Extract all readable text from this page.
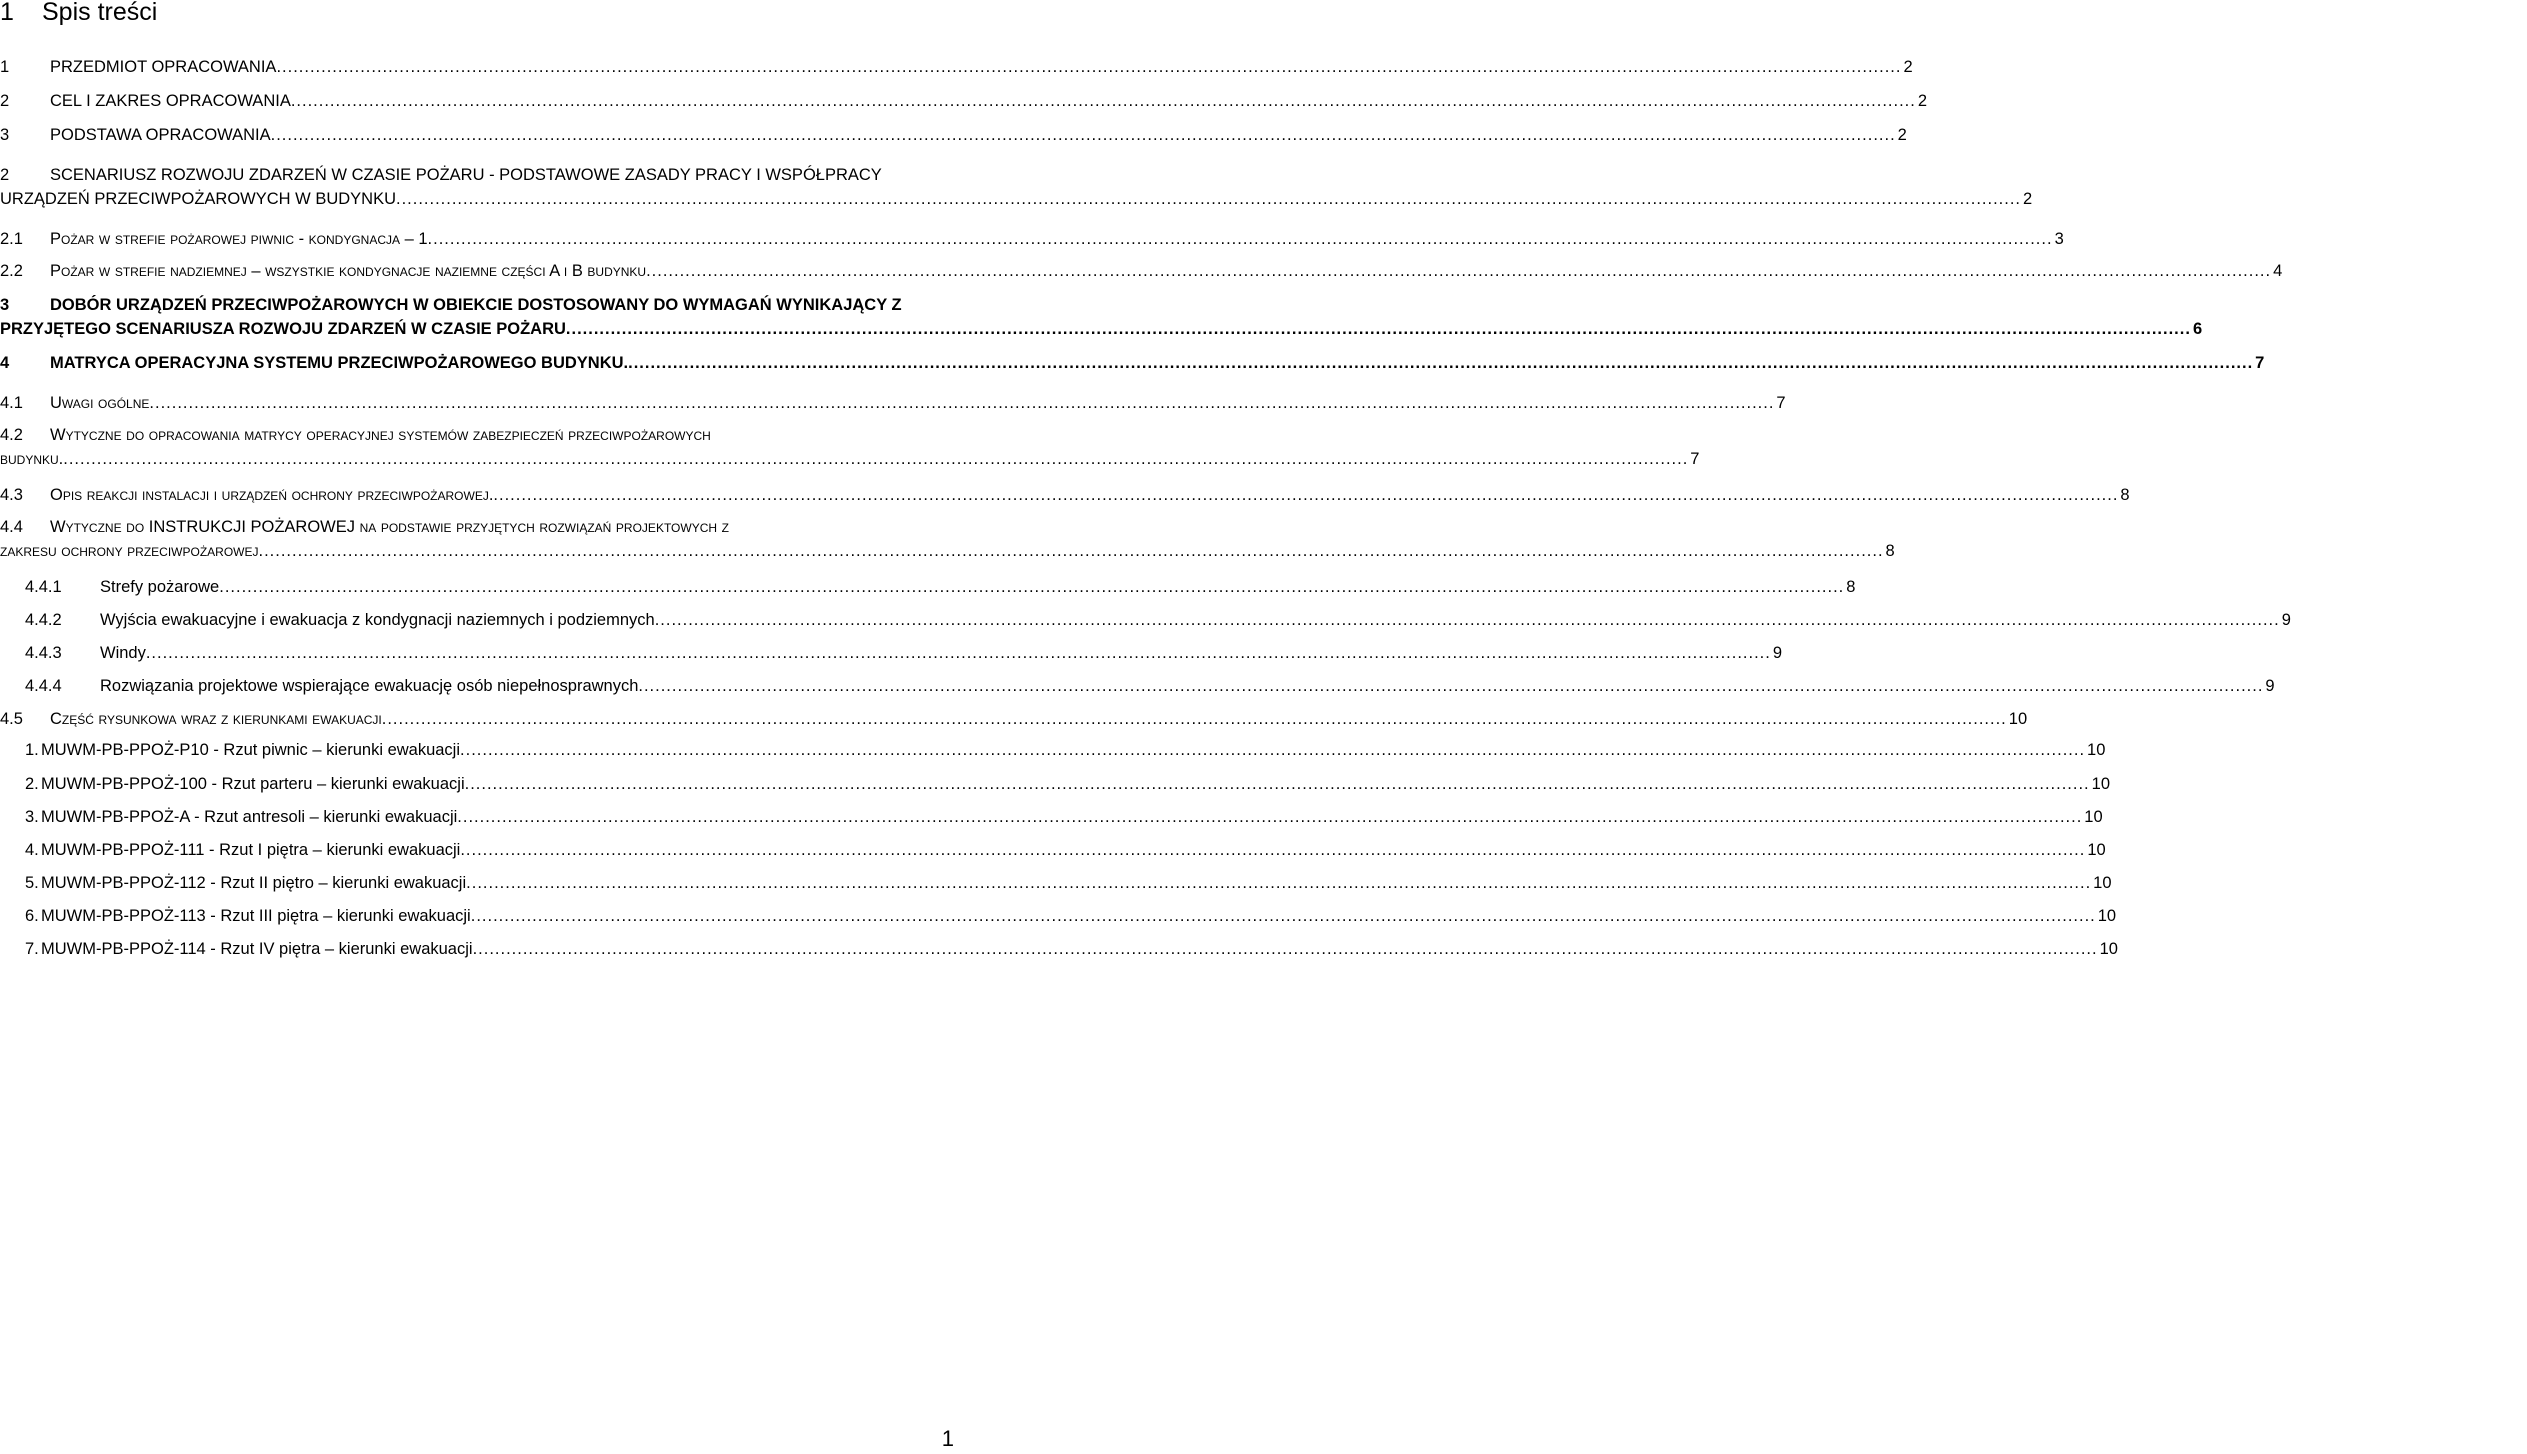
1 Spis treści
1	PRZEDMIOT OPRACOWANIA .....	2
2	CEL I ZAKRES OPRACOWANIA .....	2
3	PODSTAWA OPRACOWANIA .....	2
2	SCENARIUSZ ROZWOJU ZDARZEŃ W CZASIE POŻARU - PODSTAWOWE ZASADY PRACY I WSPÓŁPRACY
URZĄDZEŃ PRZECIWPOŻAROWYCH W BUDYNKU .....	2
2.1	Pożar w strefie pożarowej piwnic - kondygnacja – 1 .....	3
2.2	Pożar w strefie nadziemnej – wszystkie kondygnacje naziemne części A i B budynku .....	4
3	DOBÓR URZĄDZEŃ PRZECIWPOŻAROWYCH W OBIEKCIE DOSTOSOWANY DO WYMAGAŃ WYNIKAJĄCY Z
PRZYJĘTEGO SCENARIUSZA ROZWOJU ZDARZEŃ W CZASIE POŻARU .....	6
4	MATRYCA OPERACYJNA SYSTEMU PRZECIWPOŻAROWEGO BUDYNKU. .....	7
4.1	Uwagi ogólne .....	7
4.2	Wytyczne do opracowania matrycy operacyjnej systemów zabezpieczeń przeciwpożarowych
budynku. .....	7
4.3	Opis reakcji instalacji i urządzeń ochrony przeciwpożarowej. .....	8
4.4	Wytyczne do INSTRUKCJI POŻAROWEJ na podstawie przyjętych rozwiązań projektowych z
zakresu ochrony przeciwpożarowej .....	8
4.4.1	Strefy pożarowe .....	8
4.4.2	Wyjścia ewakuacyjne i ewakuacja z kondygnacji naziemnych i podziemnych .....	9
4.4.3	Windy .....	9
4.4.4	Rozwiązania projektowe wspierające ewakuację osób niepełnosprawnych .....	9
4.5	Część rysunkowa wraz z kierunkami ewakuacji .....	10
1. MUWM-PB-PPOŻ-P10 - Rzut piwnic – kierunki ewakuacji .....	10
2. MUWM-PB-PPOŻ-100 - Rzut parteru – kierunki ewakuacji .....	10
3. MUWM-PB-PPOŻ-A - Rzut antresoli – kierunki ewakuacji .....	10
4. MUWM-PB-PPOŻ-111 - Rzut I piętra – kierunki ewakuacji .....	10
5. MUWM-PB-PPOŻ-112 - Rzut II piętro – kierunki ewakuacji .....	10
6. MUWM-PB-PPOŻ-113 - Rzut III piętra – kierunki ewakuacji .....	10
7. MUWM-PB-PPOŻ-114 - Rzut IV piętra – kierunki ewakuacji .....	10
1
